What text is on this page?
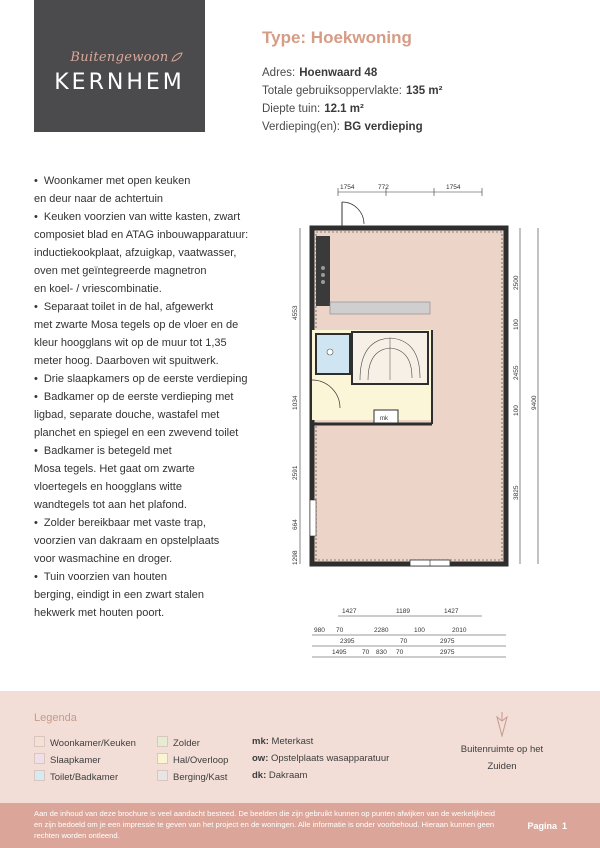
Buitengewoon
KERNHEM
Type: Hoekwoning
Adres: Hoenwaard 48
Totale gebruiksoppervlakte: 135 m²
Diepte tuin: 12.1 m²
Verdieping(en): BG verdieping
• Woonkamer met open keuken
en deur naar de achtertuin
• Keuken voorzien van witte kasten, zwart
composiet blad en ATAG inbouwapparatuur:
inductiekookplaat, afzuigkap, vaatwasser,
oven met geïntegreerde magnetron
en koel- / vriescombinatie.
• Separaat toilet in de hal, afgewerkt
met zwarte Mosa tegels op de vloer en de
kleur hoogglans wit op de muur tot 1,35
meter hoog. Daarboven wit spuitwerk.
• Drie slaapkamers op de eerste verdieping
• Badkamer op de eerste verdieping met
ligbad, separate douche, wastafel met
planchet en spiegel en een zwevend toilet
• Badkamer is betegeld met
Mosa tegels. Het gaat om zwarte
vloertegels en hoogglans witte
wandtegels tot aan het plafond.
• Zolder bereikbaar met vaste trap,
voorzien van dakraam en opstelplaats
voor wasmachine en droger.
• Tuin voorzien van houten
berging, eindigt in een zwart stalen
hekwerk met houten poort.
1754	772	1754
mk
4553
1034
2591
664
1298
2500
100
2455
100
3825
9400
1427	1189	1427
980 70	2280	100	2010
2395	70	2975
1495 70 830 70	2975
Legenda
Woonkamer/Keuken
Slaapkamer
Toilet/Badkamer
Zolder
Hal/Overloop
Berging/Kast
mk: Meterkast
ow: Opstelplaats wasapparatuur
dk: Dakraam
Buitenruimte op het
Zuiden
Aan de inhoud van deze brochure is veel aandacht besteed. De beelden die zijn gebruikt kunnen op punten afwijken van de werkelijkheid en zijn bedoeld om je een impressie te geven van het project en de woningen. Alle informatie is onder voorbehoud. Hieraan kunnen geen rechten worden ontleend.
Pagina 1
